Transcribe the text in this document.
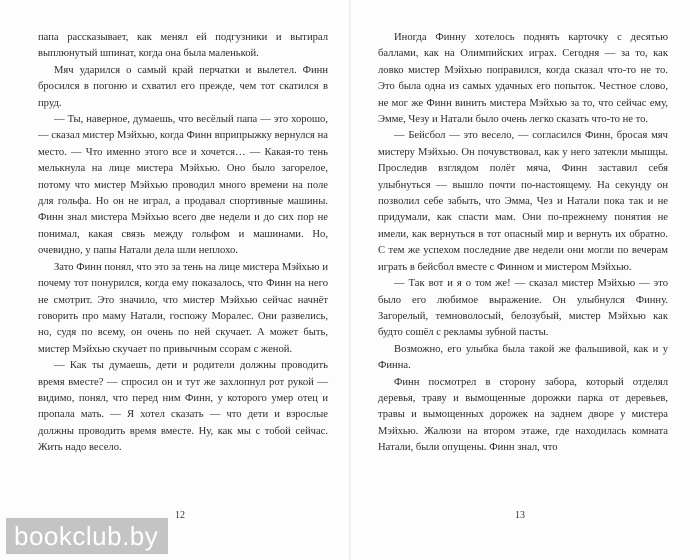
папа рассказывает, как менял ей подгузники и вытирал выплюнутый шпинат, когда она была маленькой.

Мяч ударился о самый край перчатки и вылетел. Финн бросился в погоню и схватил его прежде, чем тот скатился в пруд.

— Ты, наверное, думаешь, что весёлый папа — это хорошо, — сказал мистер Мэйхью, когда Финн вприпрыжку вернулся на место. — Что именно этого все и хочется… — Какая-то тень мелькнула на лице мистера Мэйхью. Оно было загорелое, потому что мистер Мэйхью проводил много времени на поле для гольфа. Но он не играл, а продавал спортивные машины. Финн знал мистера Мэйхью всего две недели и до сих пор не понимал, какая связь между гольфом и машинами. Но, очевидно, у папы Натали дела шли неплохо.

Зато Финн понял, что это за тень на лице мистера Мэйхью и почему тот понурился, когда ему показалось, что Финн на него не смотрит. Это значило, что мистер Мэйхью сейчас начнёт говорить про маму Натали, госпожу Моралес. Они развелись, но, судя по всему, он очень по ней скучает. А может быть, мистер Мэйхью скучает по привычным ссорам с женой.

— Как ты думаешь, дети и родители должны проводить время вместе? — спросил он и тут же захлопнул рот рукой — видимо, понял, что перед ним Финн, у которого умер отец и пропала мать. — Я хотел сказать — что дети и взрослые должны проводить время вместе. Ну, как мы с тобой сейчас. Жить надо весело.

Иногда Финну хотелось поднять карточку с десятью баллами, как на Олимпийских играх. Сегодня — за то, как ловко мистер Мэйхью поправился, когда сказал что-то не то. Это была одна из самых удачных его попыток. Честное слово, не мог же Финн винить мистера Мэйхью за то, что сейчас ему, Эмме, Чезу и Натали было очень легко сказать что-то не то.

— Бейсбол — это весело, — согласился Финн, бросая мяч мистеру Мэйхью. Он почувствовал, как у него затекли мышцы. Проследив взглядом полёт мяча, Финн заставил себя улыбнуться — вышло почти по-настоящему. На секунду он позволил себе забыть, что Эмма, Чез и Натали пока так и не придумали, как спасти мам. Они по-прежнему понятия не имели, как вернуться в тот опасный мир и вернуть их обратно. С тем же успехом последние две недели они могли по вечерам играть в бейсбол вместе с Финном и мистером Мэйхью.

— Так вот и я о том же! — сказал мистер Мэйхью — это было его любимое выражение. Он улыбнулся Финну. Загорелый, темноволосый, белозубый, мистер Мэйхью как будто сошёл с рекламы зубной пасты.

Возможно, его улыбка была такой же фальшивой, как и у Финна.

Финн посмотрел в сторону забора, который отделял деревья, траву и вымощенные дорожки парка от деревьев, травы и вымощенных дорожек на заднем дворе у мистера Мэйхью. Жалюзи на втором этаже, где находилась комната Натали, были опущены. Финн знал, что

12	13
bookclub.by
